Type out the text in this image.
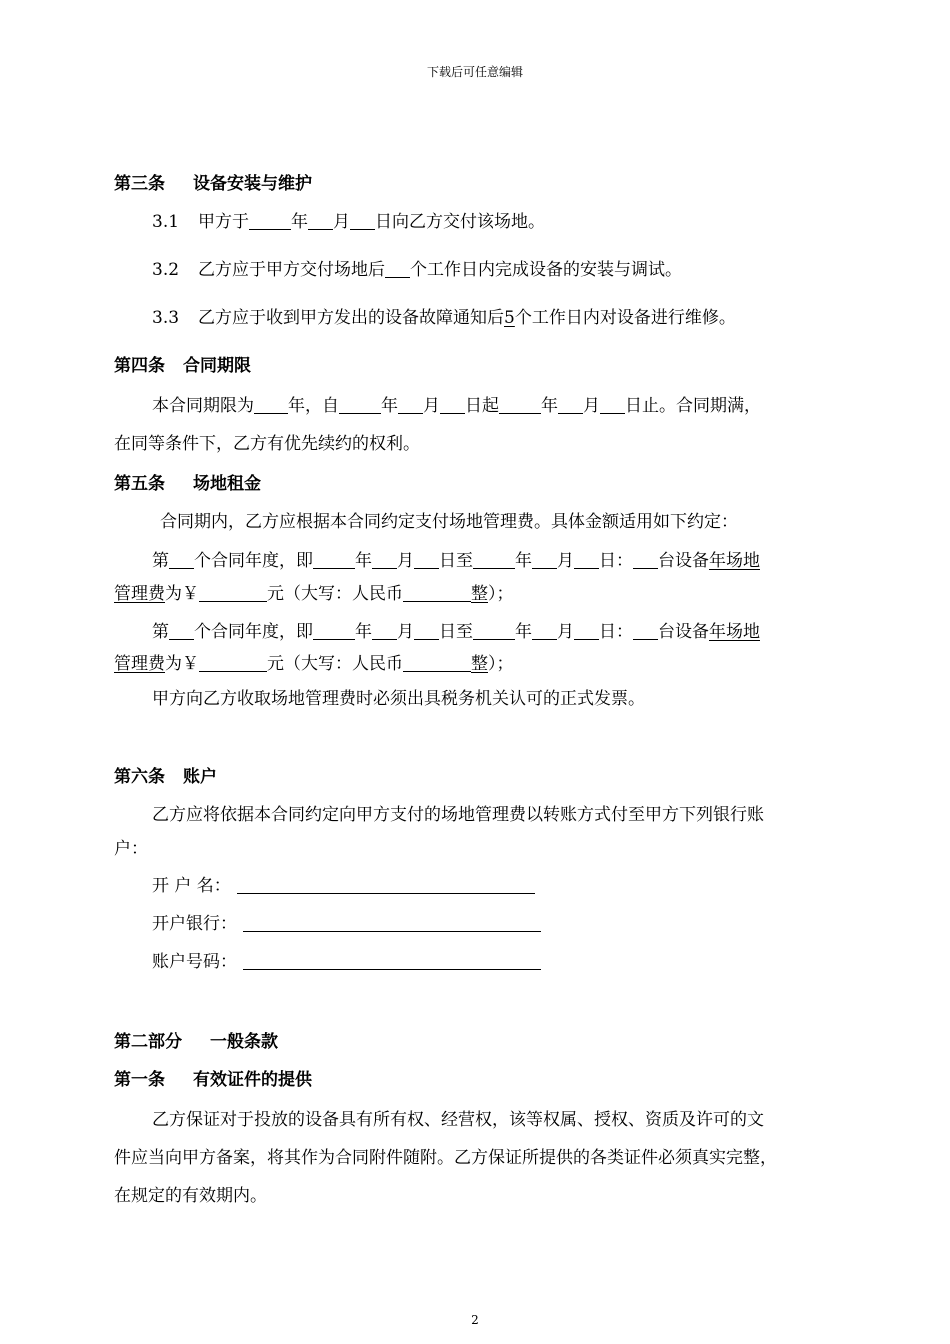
下载后可任意编辑
第三条 设备安装与维护
3.1 甲方于 年 月 日向乙方交付该场地。
3.2 乙方应于甲方交付场地后 个工作日内完成设备的安装与调试。
3.3 乙方应于收到甲方发出的设备故障通知后5个工作日内对设备进行维修。
第四条 合同期限
本合同期限为 年，自 年 月 日起 年 月 日止。合同期满，
在同等条件下，乙方有优先续约的权利。
第五条 场地租金
合同期内，乙方应根据本合同约定支付场地管理费。具体金额适用如下约定：
第 个合同年度，即 年 月 日至 年 月 日： 台设备年场地
管理费为￥	元（大写：人民币	整）；
第 个合同年度，即 年 月 日至 年 月 日： 台设备年场地
管理费为￥	元（大写：人民币	整）；
甲方向乙方收取场地管理费时必须出具税务机关认可的正式发票。
第六条 账户
乙方应将依据本合同约定向甲方支付的场地管理费以转账方式付至甲方下列银行账
户：
开 户 名：
开户银行：
账户号码：
第二部分 一般条款
第一条 有效证件的提供
乙方保证对于投放的设备具有所有权、经营权，该等权属、授权、资质及许可的文
件应当向甲方备案，将其作为合同附件随附。乙方保证所提供的各类证件必须真实完整，
在规定的有效期内。
2
